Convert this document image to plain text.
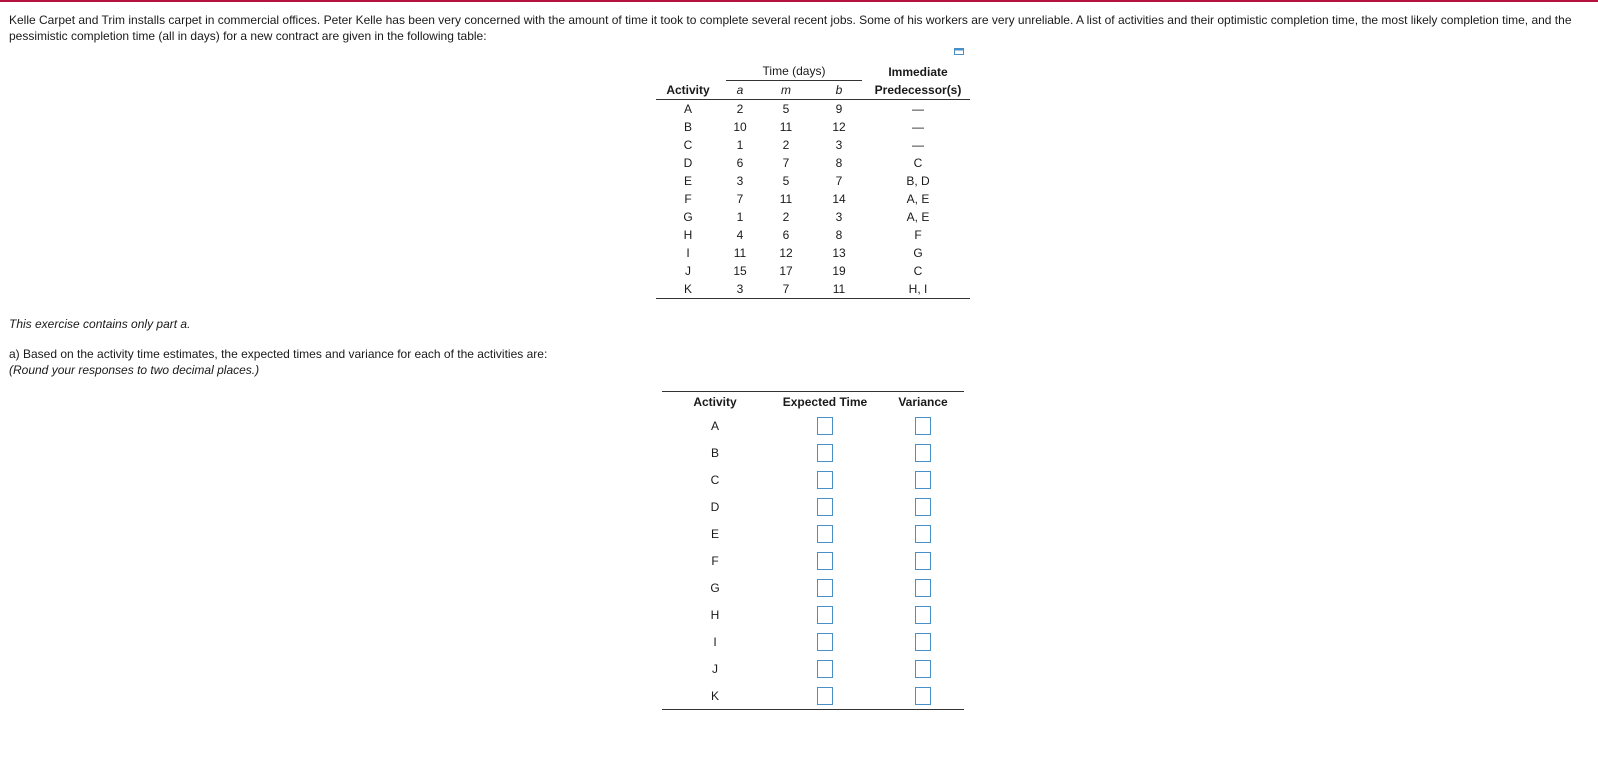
Kelle Carpet and Trim installs carpet in commercial offices. Peter Kelle has been very concerned with the amount of time it took to complete several recent jobs. Some of his workers are very unreliable. A list of activities and their optimistic completion time, the most likely completion time, and the pessimistic completion time (all in days) for a new contract are given in the following table:

	Time (days)			Immediate
Activity	a	m	b	Predecessor(s)
A	2	5	9	—
B	10	11	12	—
C	1	2	3	—
D	6	7	8	C
E	3	5	7	B, D
F	7	11	14	A, E
G	1	2	3	A, E
H	4	6	8	F
I	11	12	13	G
J	15	17	19	C
K	3	7	11	H, I
This exercise contains only part a.
a) Based on the activity time estimates, the expected times and variance for each of the activities are:
(Round your responses to two decimal places.)
Activity	Expected Time	Variance
A		
B		
C		
D		
E		
F		
G		
H		
I		
J		
K		
